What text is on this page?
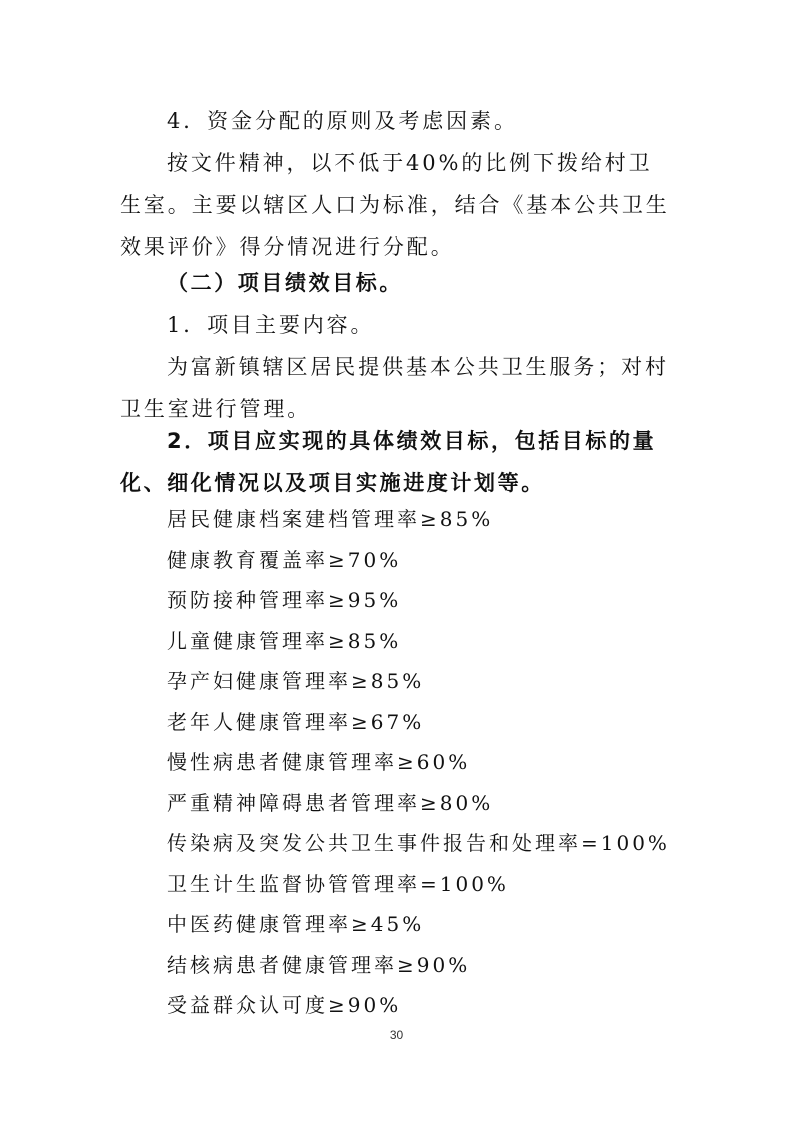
4．资金分配的原则及考虑因素。

按文件精神，以不低于40%的比例下拨给村卫生室。主要以辖区人口为标准，结合《基本公共卫生效果评价》得分情况进行分配。

（二）项目绩效目标。

1．项目主要内容。

为富新镇辖区居民提供基本公共卫生服务；对村卫生室进行管理。

2．项目应实现的具体绩效目标，包括目标的量化、细化情况以及项目实施进度计划等。

居民健康档案建档管理率≥85%
健康教育覆盖率≥70%
预防接种管理率≥95%
儿童健康管理率≥85%
孕产妇健康管理率≥85%
老年人健康管理率≥67%
慢性病患者健康管理率≥60%
严重精神障碍患者管理率≥80%
传染病及突发公共卫生事件报告和处理率=100%
卫生计生监督协管管理率=100%
中医药健康管理率≥45%
结核病患者健康管理率≥90%
受益群众认可度≥90%
30
